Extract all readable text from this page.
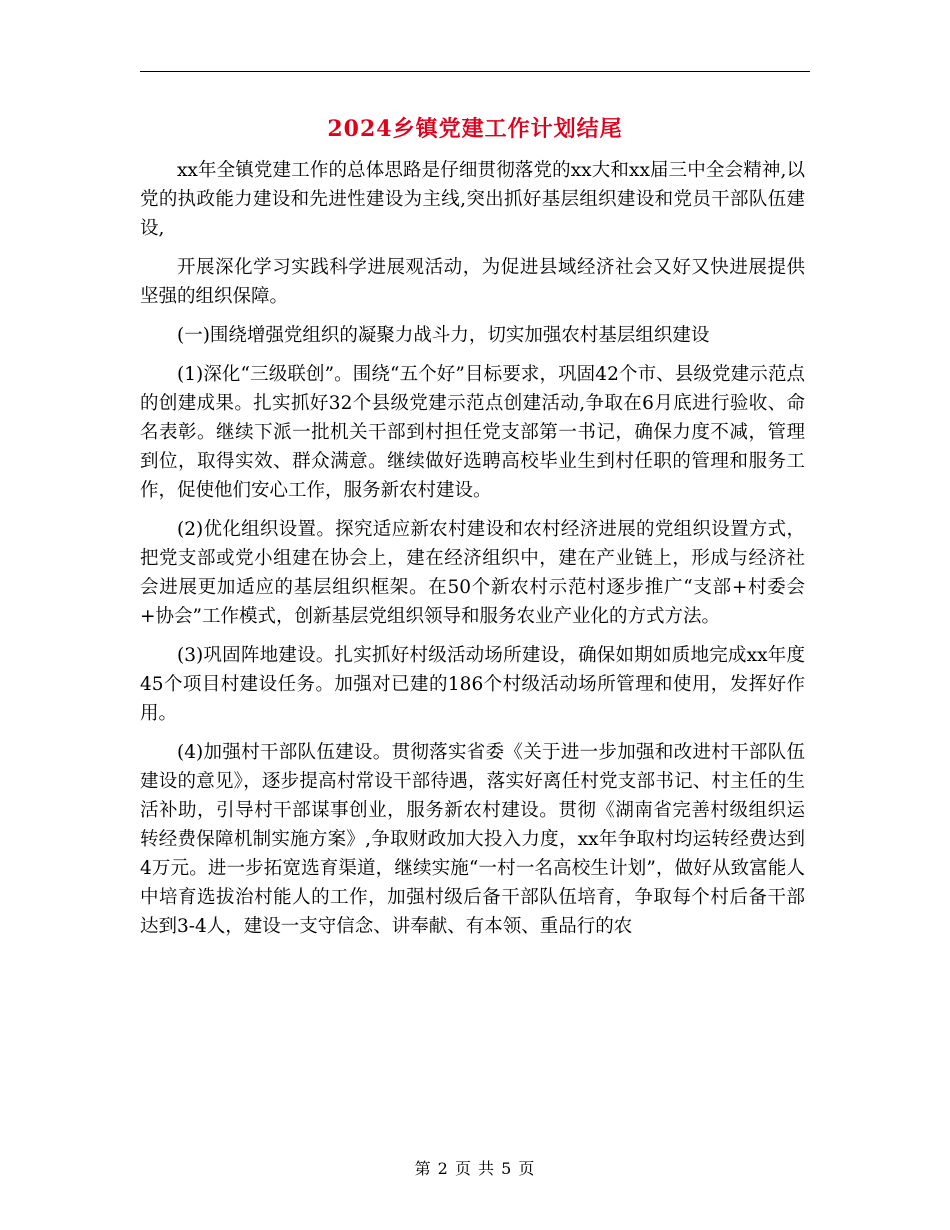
2024乡镇党建工作计划结尾

xx年全镇党建工作的总体思路是仔细贯彻落党的xx大和xx届三中全会精神,以党的执政能力建设和先进性建设为主线,突出抓好基层组织建设和党员干部队伍建设,

开展深化学习实践科学进展观活动，为促进县域经济社会又好又快进展提供坚强的组织保障。

(一)围绕增强党组织的凝聚力战斗力，切实加强农村基层组织建设

(1)深化“三级联创”。围绕“五个好”目标要求，巩固42个市、县级党建示范点的创建成果。扎实抓好32个县级党建示范点创建活动,争取在6月底进行验收、命名表彰。继续下派一批机关干部到村担任党支部第一书记，确保力度不减，管理到位，取得实效、群众满意。继续做好选聘高校毕业生到村任职的管理和服务工作，促使他们安心工作，服务新农村建设。

(2)优化组织设置。探究适应新农村建设和农村经济进展的党组织设置方式，把党支部或党小组建在协会上，建在经济组织中，建在产业链上，形成与经济社会进展更加适应的基层组织框架。在50个新农村示范村逐步推广“支部+村委会+协会”工作模式，创新基层党组织领导和服务农业产业化的方式方法。

(3)巩固阵地建设。扎实抓好村级活动场所建设，确保如期如质地完成xx年度45个项目村建设任务。加强对已建的186个村级活动场所管理和使用，发挥好作用。

(4)加强村干部队伍建设。贯彻落实省委《关于进一步加强和改进村干部队伍建设的意见》，逐步提高村常设干部待遇，落实好离任村党支部书记、村主任的生活补助，引导村干部谋事创业，服务新农村建设。贯彻《湖南省完善村级组织运转经费保障机制实施方案》,争取财政加大投入力度，xx年争取村均运转经费达到4万元。进一步拓宽选育渠道，继续实施“一村一名高校生计划”，做好从致富能人中培育选拔治村能人的工作，加强村级后备干部队伍培育，争取每个村后备干部达到3-4人，建设一支守信念、讲奉献、有本领、重品行的农

第 2 页 共 5 页
